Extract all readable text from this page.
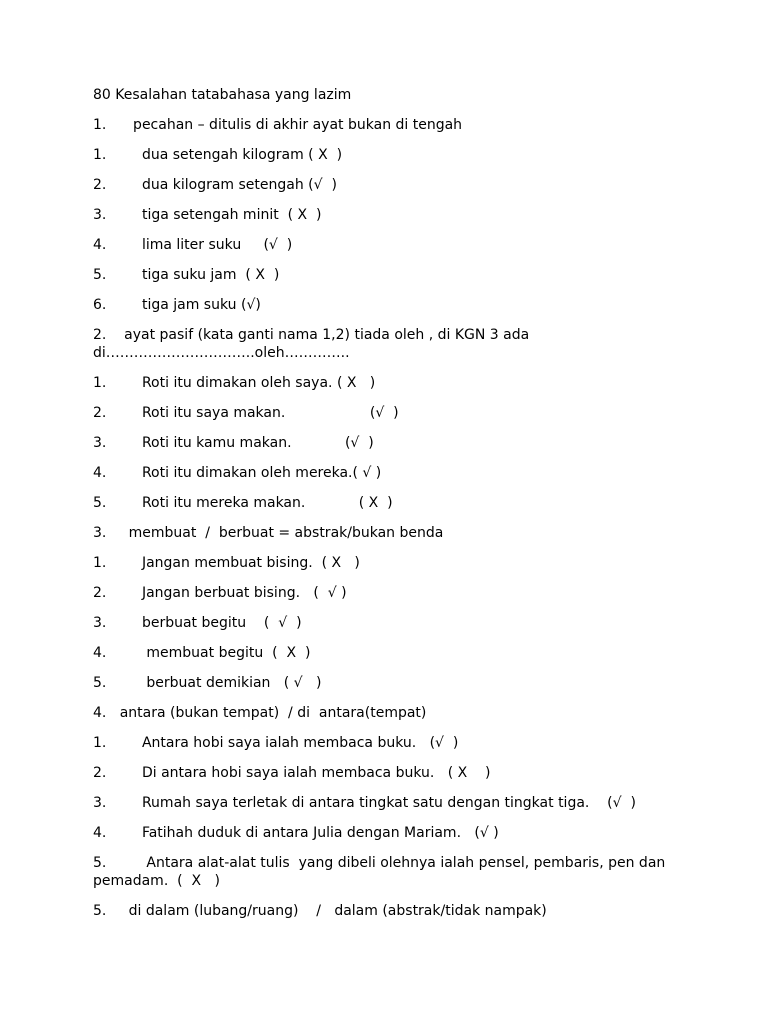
80 Kesalahan tatabahasa yang lazim
1.      pecahan – ditulis di akhir ayat bukan di tengah
1.        dua setengah kilogram ( X  )
2.        dua kilogram setengah (√  )
3.        tiga setengah minit  ( X  )
4.        lima liter suku     (√  )
5.        tiga suku jam  ( X  )
6.        tiga jam suku (√)
2.    ayat pasif (kata ganti nama 1,2) tiada oleh , di KGN 3 ada
di…………………………..oleh…………..
1.        Roti itu dimakan oleh saya. ( X   )
2.        Roti itu saya makan.                   (√  )
3.        Roti itu kamu makan.            (√  )
4.        Roti itu dimakan oleh mereka.( √ )
5.        Roti itu mereka makan.            ( X  )
3.     membuat  /  berbuat = abstrak/bukan benda
1.        Jangan membuat bising.  ( X   )
2.        Jangan berbuat bising.   (  √ )
3.        berbuat begitu    (  √  )
4.         membuat begitu  (  X  )
5.         berbuat demikian   ( √   )
4.   antara (bukan tempat)  / di  antara(tempat)
1.        Antara hobi saya ialah membaca buku.   (√  )
2.        Di antara hobi saya ialah membaca buku.   ( X    )
3.        Rumah saya terletak di antara tingkat satu dengan tingkat tiga.    (√  )
4.        Fatihah duduk di antara Julia dengan Mariam.   (√ )
5.         Antara alat-alat tulis  yang dibeli olehnya ialah pensel, pembaris, pen dan
pemadam.  (  X   )
5.     di dalam (lubang/ruang)    /   dalam (abstrak/tidak nampak)
